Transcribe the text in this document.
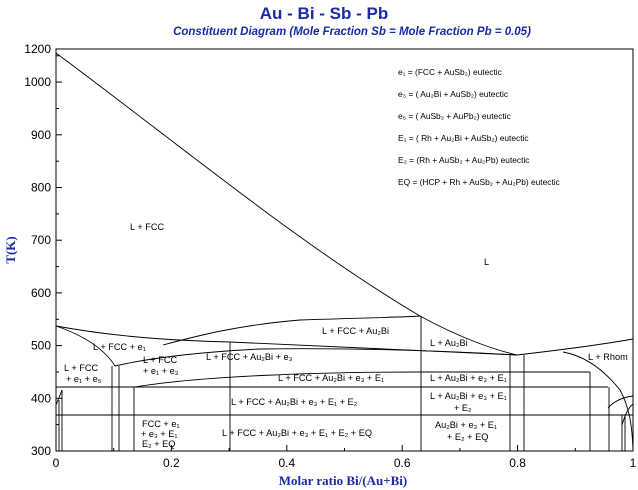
Au - Bi - Sb - Pb
Constituent Diagram (Mole Fraction Sb = Mole Fraction Pb = 0.05)
T(K)
Molar ratio Bi/(Au+Bi)
0	0.2	0.4	0.6	0.8	1
300
400
500
600
700
800
900
1000
1200
e₁ = (FCC + AuSb₂) eutectic
e₃ = ( Au₂Bi + AuSb₂) eutectic
e₅ = ( AuSb₂ + AuPb₂) eutectic
E₁ = ( Rh + Au₂Bi + AuSb₂) eutectic
E₂ = (Rh + AuSb₂ + Au₂Pb) eutectic
EQ = (HCP + Rh + AuSb₂ + Au₂Pb) eutectic
L + FCC
L
L + FCC + e₁
L + FCC + Au₂Bi
L + Au₂Bi
L + Rhom
L + FCC
+ e₁ + e₅
L + FCC
+ e₁ + e₃
L + FCC + Au₂Bi + e₃
L + FCC + Au₂Bi + e₃ + E₁	L + Au₂Bi + e₃ + E₁
L + FCC + Au₂Bi + e₃ + E₁ + E₂
L + Au₂Bi + e₃ + E₁
+ E₂
FCC + e₁
+ e₃ + E₁
E₂ + EQ
L + FCC + Au₂Bi + e₃ + E₁ + E₂ + EQ
Au₂Bi + e₃ + E₁
+ E₂ + EQ
